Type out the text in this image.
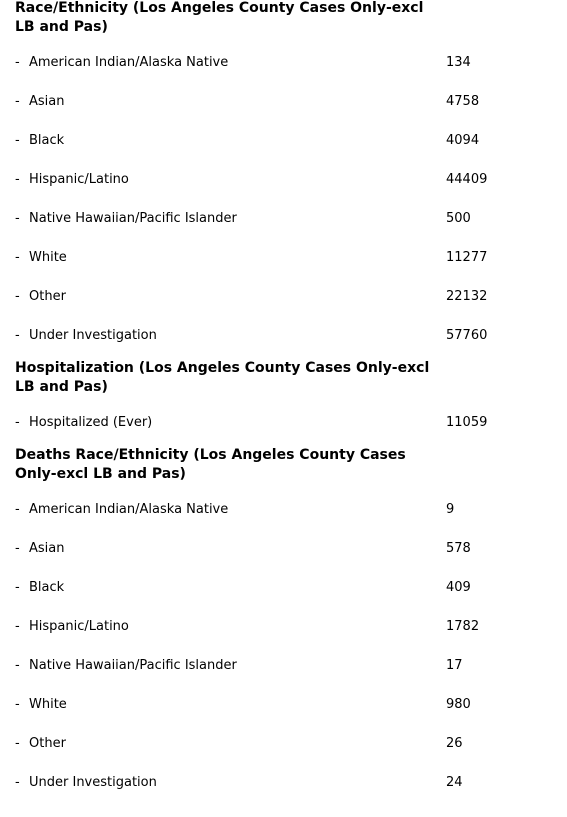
Race/Ethnicity (Los Angeles County Cases Only-excl LB and Pas)	
- American Indian/Alaska Native	134
- Asian	4758
- Black	4094
- Hispanic/Latino	44409
- Native Hawaiian/Pacific Islander	500
- White	11277
- Other	22132
- Under Investigation	57760
Hospitalization (Los Angeles County Cases Only-excl LB and Pas)	
- Hospitalized (Ever)	11059
Deaths Race/Ethnicity (Los Angeles County Cases Only-excl LB and Pas)	
- American Indian/Alaska Native	9
- Asian	578
- Black	409
- Hispanic/Latino	1782
- Native Hawaiian/Pacific Islander	17
- White	980
- Other	26
- Under Investigation	24
